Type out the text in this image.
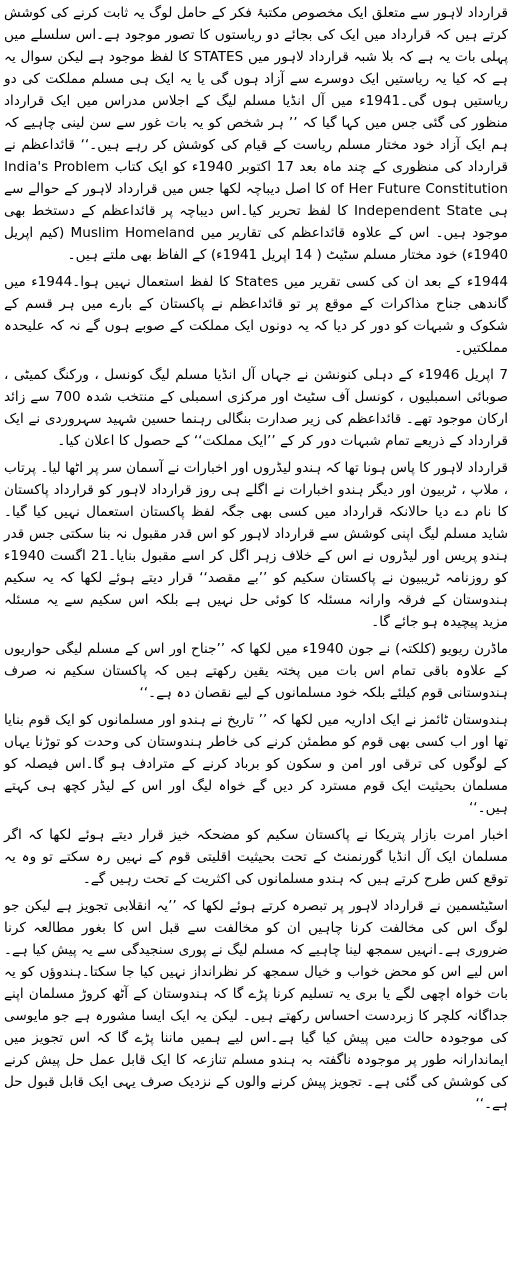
قرارداد لاہور سے متعلق ایک مخصوص مکتبۂ فکر کے حامل لوگ یہ ثابت کرنے کی کوشش کرتے ہیں کہ قرارداد میں ایک کی بجائے دو ریاستوں کا تصور موجود ہے۔اس سلسلے میں پہلی بات یہ ہے کہ بلا شبہ قرارداد لاہور میں STATES کا لفظ موجود ہے لیکن سوال یہ ہے کہ کیا یہ ریاستیں ایک دوسرے سے آزاد ہوں گی یا یہ ایک ہی مسلم مملکت کی دو ریاستیں ہوں گی۔1941ء میں آل انڈیا مسلم لیگ کے اجلاس مدراس میں ایک قرارداد منظور کی گئی جس میں کہا گیا کہ ’’ ہر شخص کو یہ بات غور سے سن لینی چاہیے کہ ہم ایک آزاد خود مختار مسلم ریاست کے قیام کی کوشش کر رہے ہیں۔‘‘ قائداعظم نے قرارداد کی منظوری کے چند ماہ بعد 17 اکتوبر 1940ء کو ایک کتاب India's Problem of Her Future Constitution کا اصل دیباچہ لکھا جس میں قرارداد لاہور کے حوالے سے ہی Independent State کا لفظ تحریر کیا۔اس دیباچہ پر قائداعظم کے دستخط بھی موجود ہیں۔ اس کے علاوہ قائداعظم کی تقاریر میں Muslim Homeland (کیم اپریل 1940ء) خود مختار مسلم سٹیٹ ( 14 اپریل 1941ء) کے الفاظ بھی ملتے ہیں۔

1944ء کے بعد ان کی کسی تقریر میں States کا لفظ استعمال نہیں ہوا۔1944ء میں گاندھی جناح مذاکرات کے موقع پر تو قائداعظم نے پاکستان کے بارے میں ہر قسم کے شکوک و شبہات کو دور کر دیا کہ یہ دونوں ایک مملکت کے صوبے ہوں گے نہ کہ علیحدہ مملکتیں۔

7 اپریل 1946ء کے دہلی کنونشن نے جہاں آل انڈیا مسلم لیگ کونسل ، ورکنگ کمیٹی ، صوبائی اسمبلیوں ، کونسل آف سٹیٹ اور مرکزی اسمبلی کے منتخب شدہ 700 سے زائد ارکان موجود تھے۔ قائداعظم کی زیر صدارت بنگالی رہنما حسین شہید سہروردی نے ایک قرارداد کے ذریعے تمام شبہات دور کر کے ’’ایک مملکت‘‘ کے حصول کا اعلان کیا۔

قرارداد لاہور کا پاس ہونا تھا کہ ہندو لیڈروں اور اخبارات نے آسمان سر پر اٹھا لیا۔ پرتاب ، ملاپ ، ٹربیون اور دیگر ہندو اخبارات نے اگلے ہی روز قرارداد لاہور کو قرارداد پاکستان کا نام دے دیا حالانکہ قرارداد میں کسی بھی جگہ لفظ پاکستان استعمال نہیں کیا گیا۔ شاید مسلم لیگ اپنی کوشش سے قرارداد لاہور کو اس قدر مقبول نہ بنا سکتی جس قدر ہندو پریس اور لیڈروں نے اس کے خلاف زہر اگل کر اسے مقبول بنایا۔21 اگست 1940ء کو روزنامہ ٹریبیون نے پاکستان سکیم کو ’’بے مقصد‘‘ قرار دیتے ہوئے لکھا کہ یہ سکیم ہندوستان کے فرقہ وارانہ مسئلہ کا کوئی حل نہیں ہے بلکہ اس سکیم سے یہ مسئلہ مزید پیچیدہ ہو جائے گا۔

ماڈرن ریویو (کلکتہ) نے جون 1940ء میں لکھا کہ ’’جناح اور اس کے مسلم لیگی حواریوں کے علاوہ باقی تمام اس بات میں پختہ یقین رکھتے ہیں کہ پاکستان سکیم نہ صرف ہندوستانی قوم کیلئے بلکہ خود مسلمانوں کے لیے نقصان دہ ہے۔‘‘

ہندوستان ٹائمز نے ایک اداریہ میں لکھا کہ ’’ تاریخ نے ہندو اور مسلمانوں کو ایک قوم بنایا تھا اور اب کسی بھی قوم کو مطمئن کرنے کی خاطر ہندوستان کی وحدت کو توڑنا یہاں کے لوگوں کی ترقی اور امن و سکون کو برباد کرنے کے مترادف ہو گا۔اس فیصلہ کو مسلمان بحیثیت ایک قوم مسترد کر دیں گے خواہ لیگ اور اس کے لیڈر کچھ ہی کہتے ہیں۔‘‘

اخبار امرت بازار پتریکا نے پاکستان سکیم کو مضحکہ خیز قرار دیتے ہوئے لکھا کہ اگر مسلمان ایک آل انڈیا گورنمنٹ کے تحت بحیثیت اقلیتی قوم کے نہیں رہ سکتے تو وہ یہ توقع کس طرح کرتے ہیں کہ ہندو مسلمانوں کی اکثریت کے تحت رہیں گے۔

اسٹیٹسمین نے قرارداد لاہور پر تبصرہ کرتے ہوئے لکھا کہ ’’یہ انقلابی تجویز ہے لیکن جو لوگ اس کی مخالفت کرنا چاہیں ان کو مخالفت سے قبل اس کا بغور مطالعہ کرنا ضروری ہے۔انہیں سمجھ لینا چاہیے کہ مسلم لیگ نے پوری سنجیدگی سے یہ پیش کیا ہے۔اس لیے اس کو محض خواب و خیال سمجھ کر نظرانداز نہیں کیا جا سکتا۔ہندوؤں کو یہ بات خواہ اچھی لگے یا بری یہ تسلیم کرنا پڑے گا کہ ہندوستان کے آٹھ کروڑ مسلمان اپنے جداگانہ کلچر کا زبردست احساس رکھتے ہیں۔ لیکن یہ ایک ایسا مشورہ ہے جو مایوسی کی موجودہ حالت میں پیش کیا گیا ہے۔اس لیے ہمیں ماننا پڑے گا کہ اس تجویز میں ایماندارانہ طور پر موجودہ ناگفتہ بہ ہندو مسلم تنازعہ کا ایک قابل عمل حل پیش کرنے کی کوشش کی گئی ہے۔ تجویز پیش کرنے والوں کے نزدیک صرف یہی ایک قابل قبول حل ہے۔‘‘
